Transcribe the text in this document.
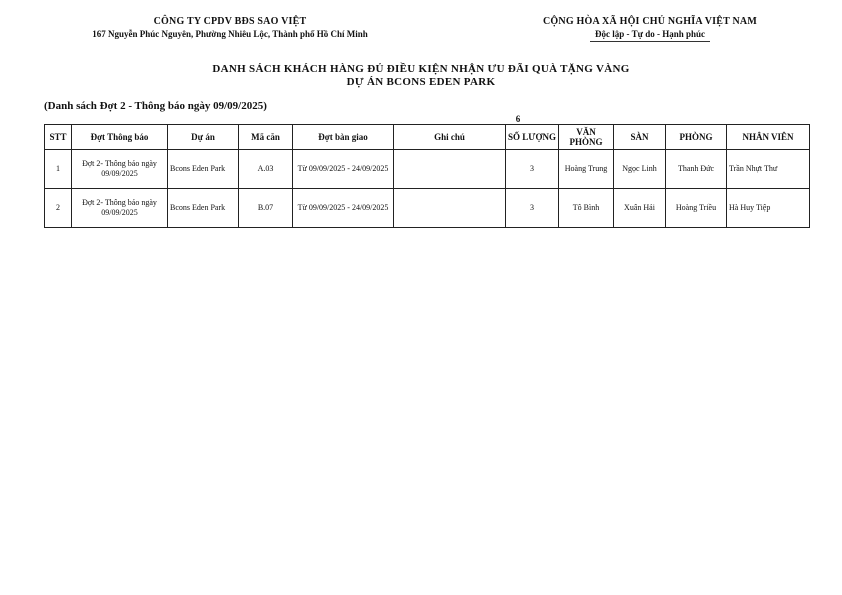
CÔNG TY CPDV BĐS SAO VIỆT
167 Nguyễn Phúc Nguyên, Phường Nhiêu Lộc, Thành phố Hồ Chí Minh
CỘNG HÒA XÃ HỘI CHỦ NGHĨA VIỆT NAM
Độc lập - Tự do - Hạnh phúc
DANH SÁCH KHÁCH HÀNG ĐỦ ĐIỀU KIỆN NHẬN ƯU ĐÃI QUÀ TẶNG VÀNG
DỰ ÁN BCONS EDEN PARK
(Danh sách Đợt 2 - Thông báo ngày 09/09/2025)
6
STT	Đợt Thông báo	Dự án	Mã căn	Đợt bàn giao	Ghi chú	SỐ LƯỢNG	VĂN PHÒNG	SÀN	PHÒNG	NHÂN VIÊN
1	Đợt 2- Thông báo ngày 09/09/2025	Bcons Eden Park	A.03	Từ 09/09/2025 - 24/09/2025		3	Hoàng Trung	Ngọc Linh	Thanh Đức	Trần Nhựt Thư
2	Đợt 2- Thông báo ngày 09/09/2025	Bcons Eden Park	B.07	Từ 09/09/2025 - 24/09/2025		3	Tô Bình	Xuân Hải	Hoàng Triều	Hà Huy Tiệp
